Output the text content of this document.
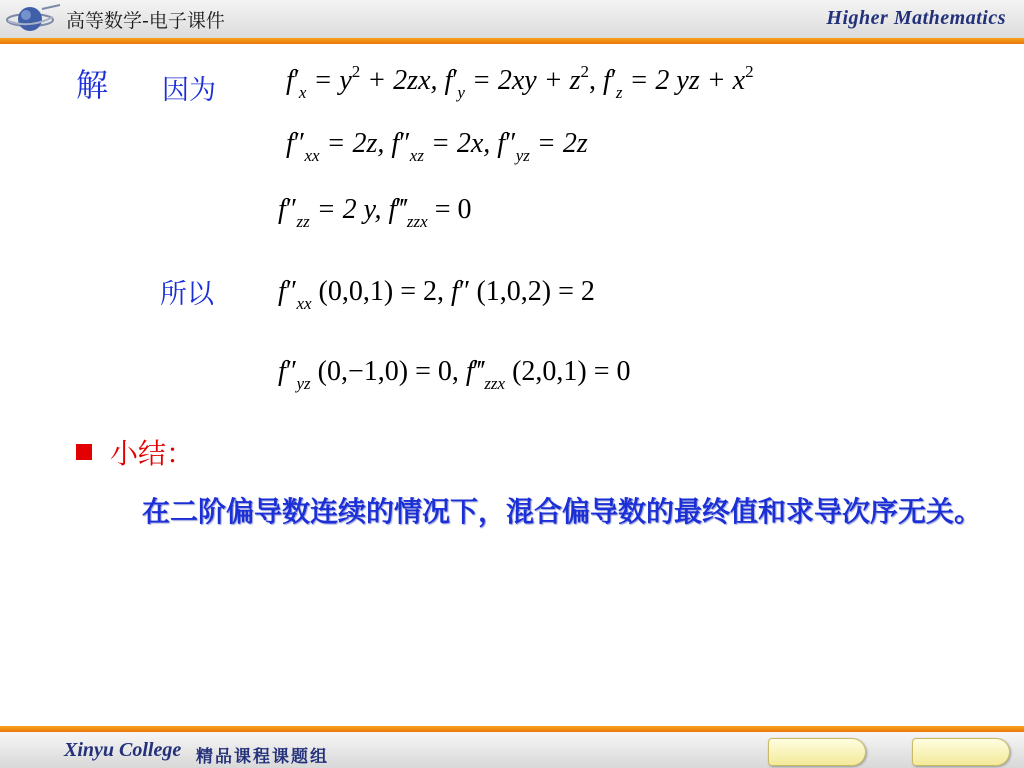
高等数学-电子课件	Higher Mathematics
解 因为
所以
$f'_x = y^2 + 2zx$, $f'_y = 2xy + z^2$, $f'_z = 2$ yz + $x^2$
$f''_{xx} = 2z$, $f''_{xz} = 2x$, $f''_{yz} = 2z$
$f''_{zz} = 2$ y, $f‴_{zzx} = 0$
$f''_{xx}$ (0,0,1) = 2, f″ (1,0,2) = 2
$f''_{yz}$ (0,−1,0) = 0, $f‴_{zzx}$ (2,0,1) = 0
小结：
在二阶偏导数连续的情况下，混合偏导数的最终值和求导次序无关。
Xinyu College 精品课程课题组
